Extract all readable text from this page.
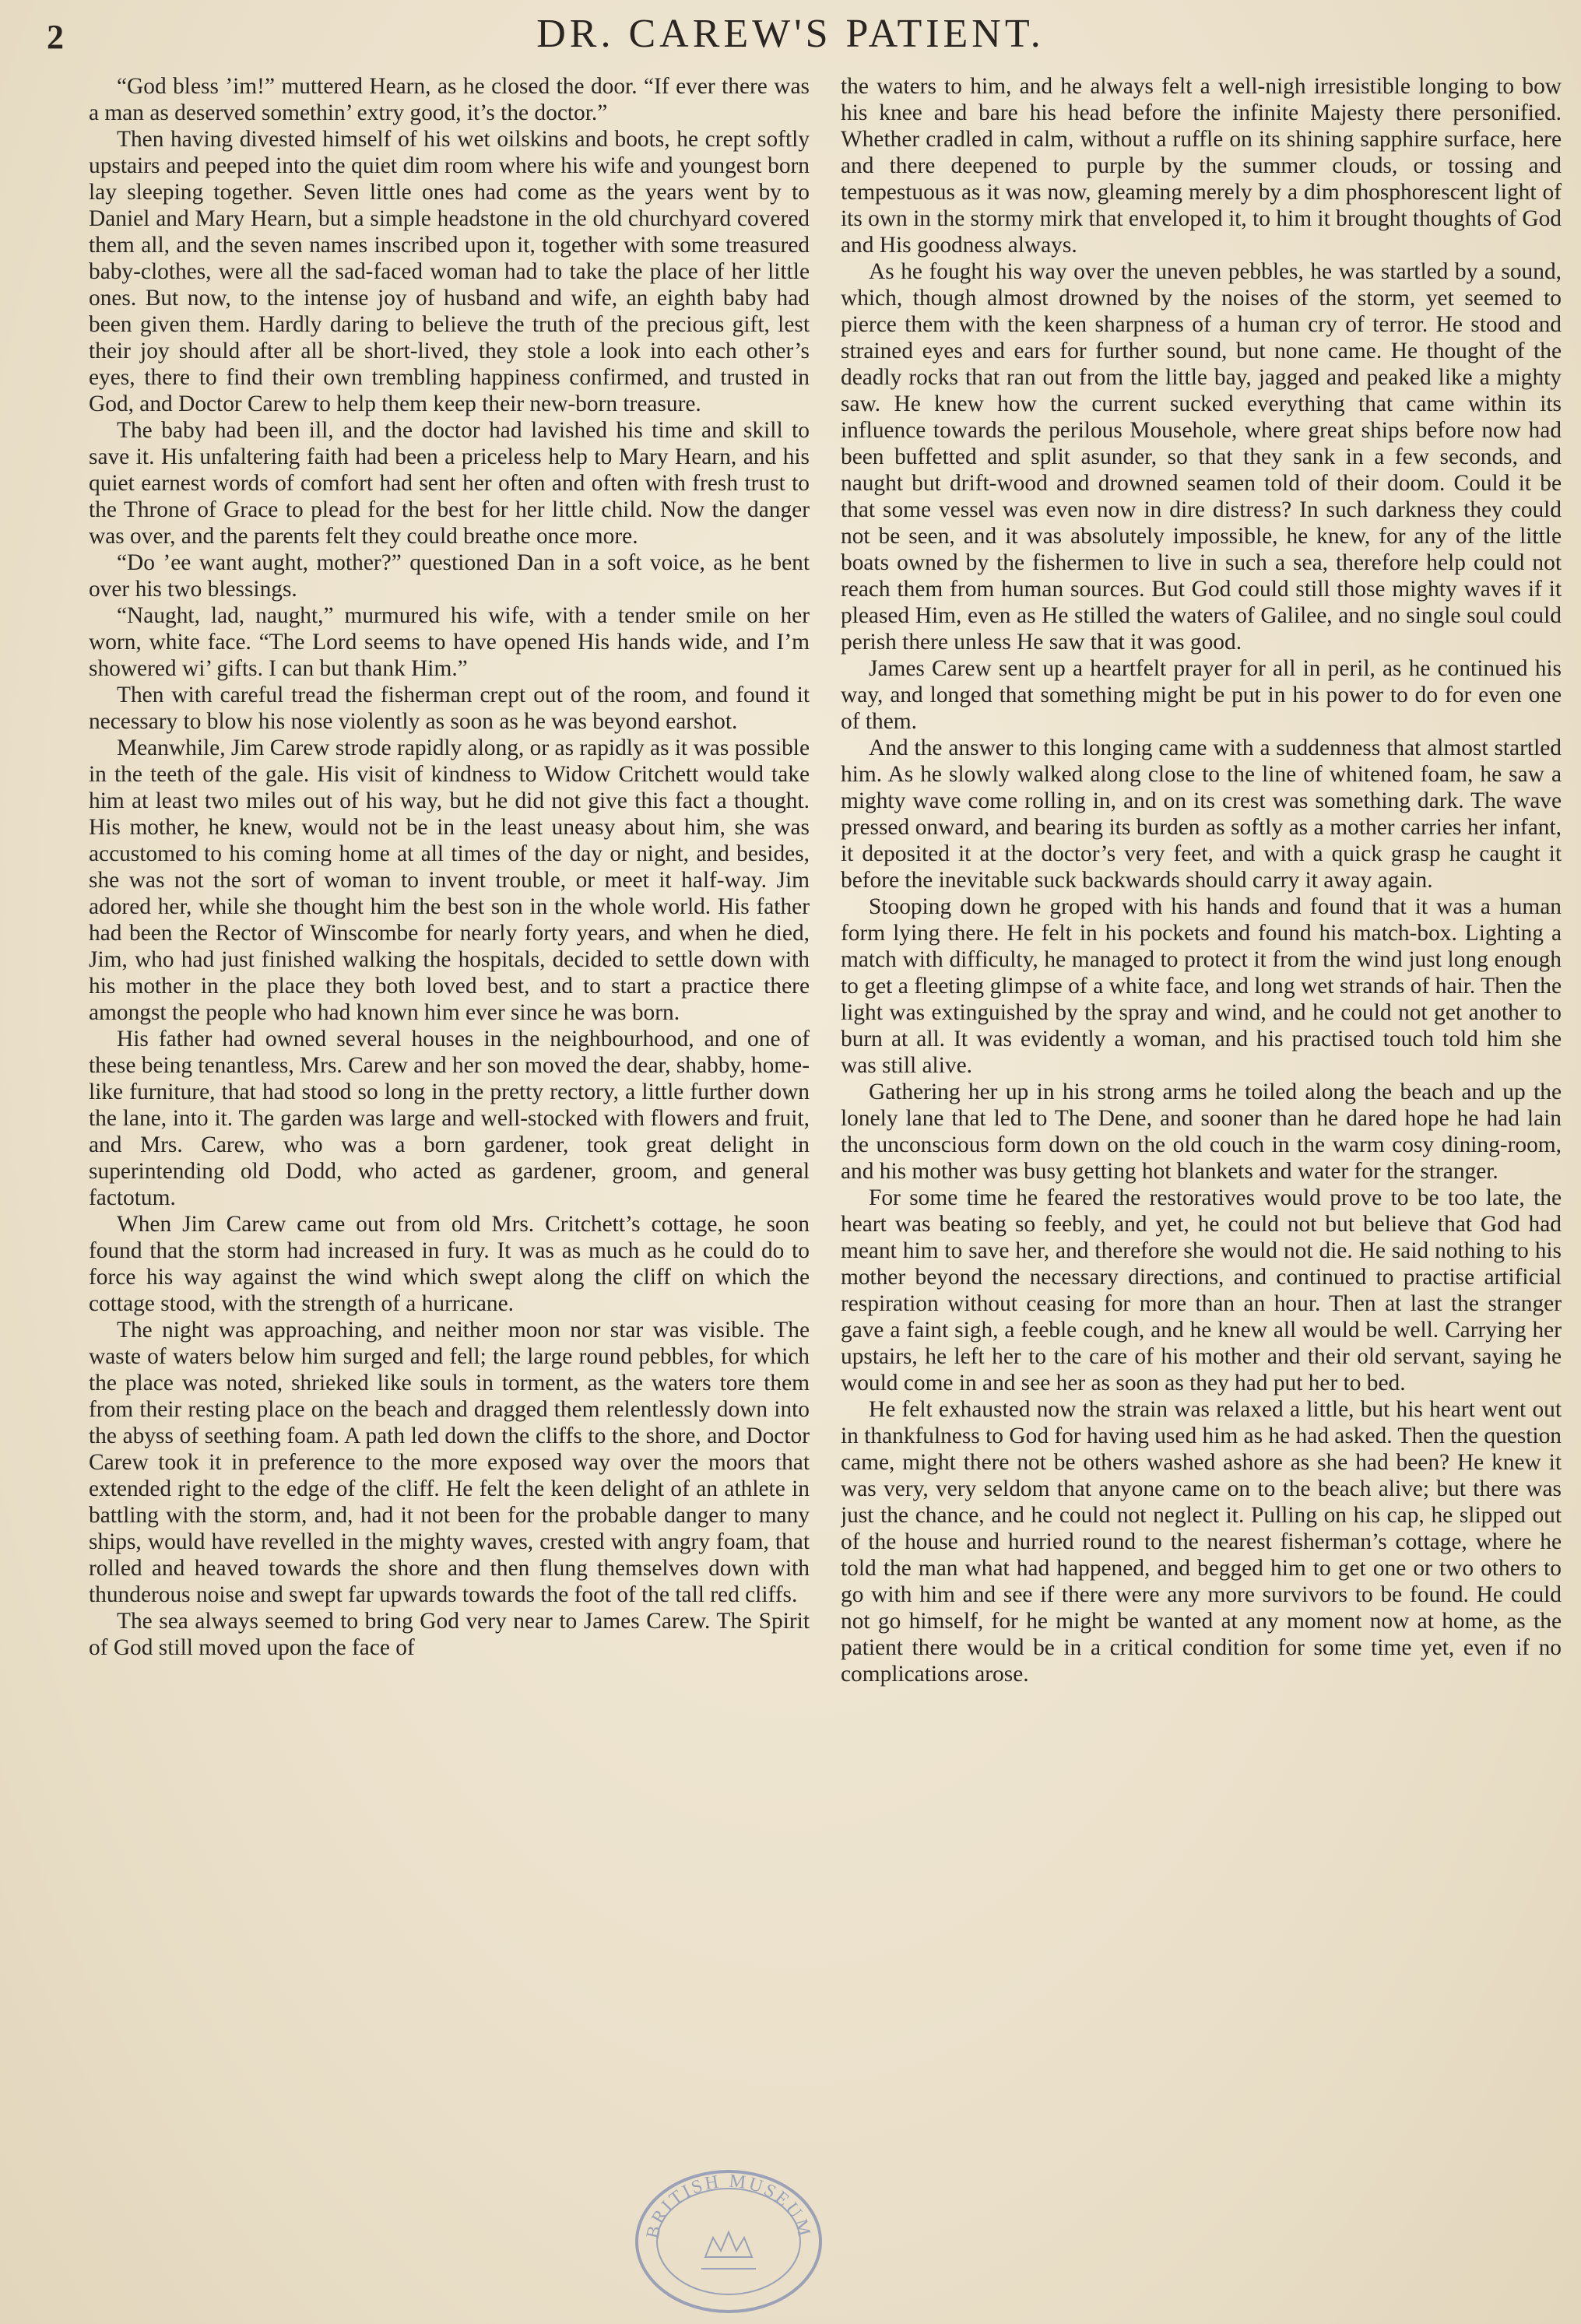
2	DR. CAREW'S PATIENT.

“God bless ’im!” muttered Hearn, as he closed the door. “If ever there was a man as deserved somethin’ extry good, it’s the doctor.”

Then having divested himself of his wet oilskins and boots, he crept softly upstairs and peeped into the quiet dim room where his wife and youngest born lay sleeping together. Seven little ones had come as the years went by to Daniel and Mary Hearn, but a simple headstone in the old churchyard covered them all, and the seven names inscribed upon it, together with some treasured baby-clothes, were all the sad-faced woman had to take the place of her little ones. But now, to the intense joy of husband and wife, an eighth baby had been given them. Hardly daring to believe the truth of the precious gift, lest their joy should after all be short-lived, they stole a look into each other’s eyes, there to find their own trembling happiness confirmed, and trusted in God, and Doctor Carew to help them keep their new-born treasure.

The baby had been ill, and the doctor had lavished his time and skill to save it. His unfaltering faith had been a priceless help to Mary Hearn, and his quiet earnest words of comfort had sent her often and often with fresh trust to the Throne of Grace to plead for the best for her little child. Now the danger was over, and the parents felt they could breathe once more.

“Do ’ee want aught, mother?” questioned Dan in a soft voice, as he bent over his two blessings.

“Naught, lad, naught,” murmured his wife, with a tender smile on her worn, white face. “The Lord seems to have opened His hands wide, and I’m showered wi’ gifts. I can but thank Him.”

Then with careful tread the fisherman crept out of the room, and found it necessary to blow his nose violently as soon as he was beyond earshot.

Meanwhile, Jim Carew strode rapidly along, or as rapidly as it was possible in the teeth of the gale. His visit of kindness to Widow Critchett would take him at least two miles out of his way, but he did not give this fact a thought. His mother, he knew, would not be in the least uneasy about him, she was accustomed to his coming home at all times of the day or night, and besides, she was not the sort of woman to invent trouble, or meet it half-way. Jim adored her, while she thought him the best son in the whole world. His father had been the Rector of Winscombe for nearly forty years, and when he died, Jim, who had just finished walking the hospitals, decided to settle down with his mother in the place they both loved best, and to start a practice there amongst the people who had known him ever since he was born.

His father had owned several houses in the neighbourhood, and one of these being tenantless, Mrs. Carew and her son moved the dear, shabby, home-like furniture, that had stood so long in the pretty rectory, a little further down the lane, into it. The garden was large and well-stocked with flowers and fruit, and Mrs. Carew, who was a born gardener, took great delight in superintending old Dodd, who acted as gardener, groom, and general factotum.

When Jim Carew came out from old Mrs. Critchett’s cottage, he soon found that the storm had increased in fury. It was as much as he could do to force his way against the wind which swept along the cliff on which the cottage stood, with the strength of a hurricane.

The night was approaching, and neither moon nor star was visible. The waste of waters below him surged and fell; the large round pebbles, for which the place was noted, shrieked like souls in torment, as the waters tore them from their resting place on the beach and dragged them relentlessly down into the abyss of seething foam. A path led down the cliffs to the shore, and Doctor Carew took it in preference to the more exposed way over the moors that extended right to the edge of the cliff. He felt the keen delight of an athlete in battling with the storm, and, had it not been for the probable danger to many ships, would have revelled in the mighty waves, crested with angry foam, that rolled and heaved towards the shore and then flung themselves down with thunderous noise and swept far upwards towards the foot of the tall red cliffs.

The sea always seemed to bring God very near to James Carew. The Spirit of God still moved upon the face of

the waters to him, and he always felt a well-nigh irresistible longing to bow his knee and bare his head before the infinite Majesty there personified. Whether cradled in calm, without a ruffle on its shining sapphire surface, here and there deepened to purple by the summer clouds, or tossing and tempestuous as it was now, gleaming merely by a dim phosphorescent light of its own in the stormy mirk that enveloped it, to him it brought thoughts of God and His goodness always.

As he fought his way over the uneven pebbles, he was startled by a sound, which, though almost drowned by the noises of the storm, yet seemed to pierce them with the keen sharpness of a human cry of terror. He stood and strained eyes and ears for further sound, but none came. He thought of the deadly rocks that ran out from the little bay, jagged and peaked like a mighty saw. He knew how the current sucked everything that came within its influence towards the perilous Mousehole, where great ships before now had been buffetted and split asunder, so that they sank in a few seconds, and naught but drift-wood and drowned seamen told of their doom. Could it be that some vessel was even now in dire distress? In such darkness they could not be seen, and it was absolutely impossible, he knew, for any of the little boats owned by the fishermen to live in such a sea, therefore help could not reach them from human sources. But God could still those mighty waves if it pleased Him, even as He stilled the waters of Galilee, and no single soul could perish there unless He saw that it was good.

James Carew sent up a heartfelt prayer for all in peril, as he continued his way, and longed that something might be put in his power to do for even one of them.

And the answer to this longing came with a suddenness that almost startled him. As he slowly walked along close to the line of whitened foam, he saw a mighty wave come rolling in, and on its crest was something dark. The wave pressed onward, and bearing its burden as softly as a mother carries her infant, it deposited it at the doctor’s very feet, and with a quick grasp he caught it before the inevitable suck backwards should carry it away again.

Stooping down he groped with his hands and found that it was a human form lying there. He felt in his pockets and found his match-box. Lighting a match with difficulty, he managed to protect it from the wind just long enough to get a fleeting glimpse of a white face, and long wet strands of hair. Then the light was extinguished by the spray and wind, and he could not get another to burn at all. It was evidently a woman, and his practised touch told him she was still alive.

Gathering her up in his strong arms he toiled along the beach and up the lonely lane that led to The Dene, and sooner than he dared hope he had lain the unconscious form down on the old couch in the warm cosy dining-room, and his mother was busy getting hot blankets and water for the stranger.

For some time he feared the restoratives would prove to be too late, the heart was beating so feebly, and yet, he could not but believe that God had meant him to save her, and therefore she would not die. He said nothing to his mother beyond the necessary directions, and continued to practise artificial respiration without ceasing for more than an hour. Then at last the stranger gave a faint sigh, a feeble cough, and he knew all would be well. Carrying her upstairs, he left her to the care of his mother and their old servant, saying he would come in and see her as soon as they had put her to bed.

He felt exhausted now the strain was relaxed a little, but his heart went out in thankfulness to God for having used him as he had asked. Then the question came, might there not be others washed ashore as she had been? He knew it was very, very seldom that anyone came on to the beach alive; but there was just the chance, and he could not neglect it. Pulling on his cap, he slipped out of the house and hurried round to the nearest fisherman’s cottage, where he told the man what had happened, and begged him to get one or two others to go with him and see if there were any more survivors to be found. He could not go himself, for he might be wanted at any moment now at home, as the patient there would be in a critical condition for some time yet, even if no complications arose.

BRITISH MUSEUM
